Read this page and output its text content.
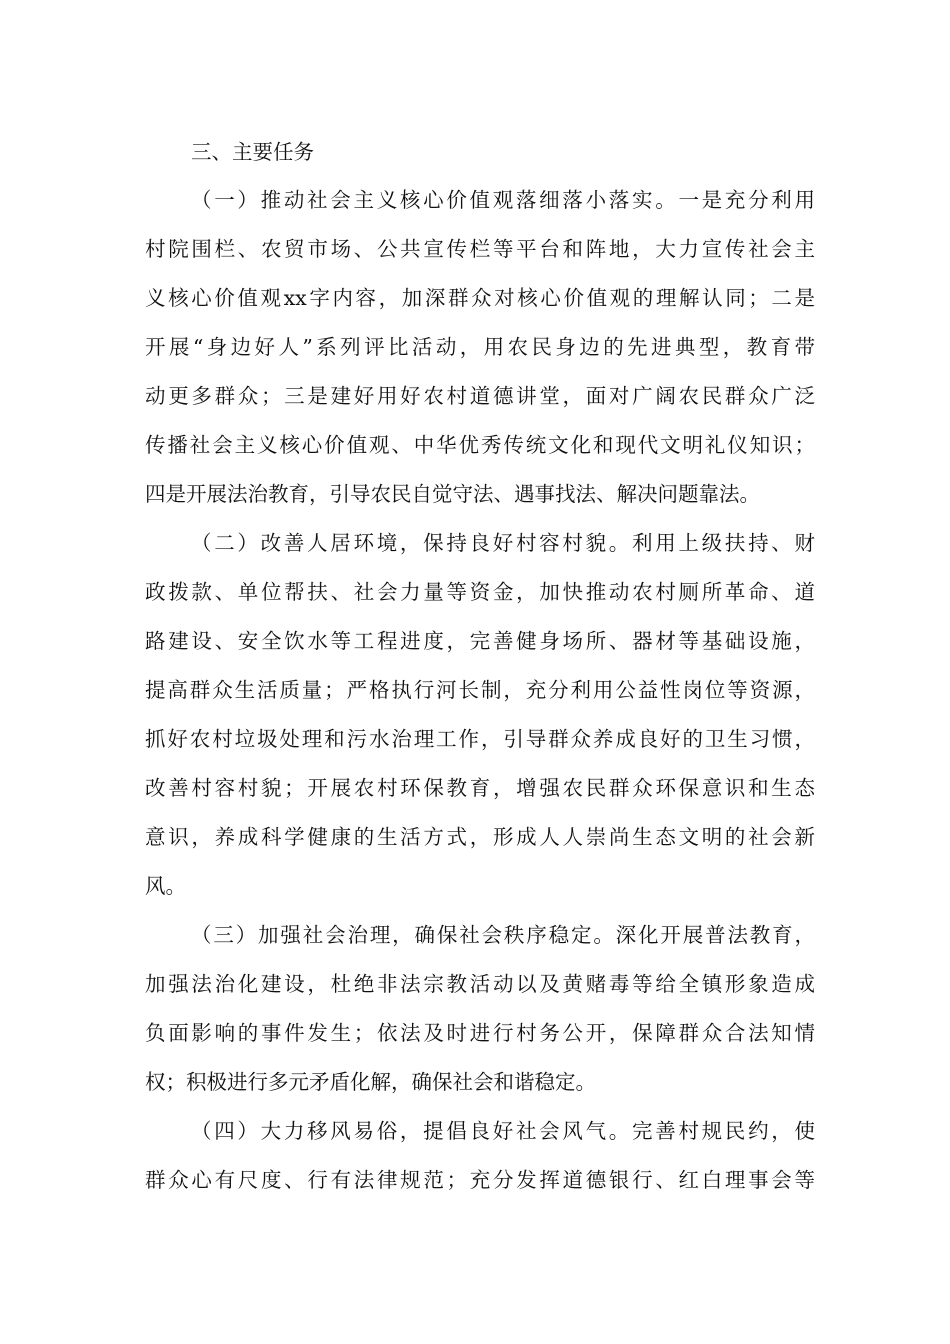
三、主要任务

（一）推动社会主义核心价值观落细落小落实。一是充分利用

村院围栏、农贸市场、公共宣传栏等平台和阵地，大力宣传社会主

义核心价值观xx字内容，加深群众对核心价值观的理解认同；二是

开展“身边好人”系列评比活动，用农民身边的先进典型，教育带

动更多群众；三是建好用好农村道德讲堂，面对广阔农民群众广泛

传播社会主义核心价值观、中华优秀传统文化和现代文明礼仪知识；

四是开展法治教育，引导农民自觉守法、遇事找法、解决问题靠法。

（二）改善人居环境，保持良好村容村貌。利用上级扶持、财

政拨款、单位帮扶、社会力量等资金，加快推动农村厕所革命、道

路建设、安全饮水等工程进度，完善健身场所、器材等基础设施，

提高群众生活质量；严格执行河长制，充分利用公益性岗位等资源，

抓好农村垃圾处理和污水治理工作，引导群众养成良好的卫生习惯，

改善村容村貌；开展农村环保教育，增强农民群众环保意识和生态

意识，养成科学健康的生活方式，形成人人崇尚生态文明的社会新

风。

（三）加强社会治理，确保社会秩序稳定。深化开展普法教育，

加强法治化建设，杜绝非法宗教活动以及黄赌毒等给全镇形象造成

负面影响的事件发生；依法及时进行村务公开，保障群众合法知情

权；积极进行多元矛盾化解，确保社会和谐稳定。

（四）大力移风易俗，提倡良好社会风气。完善村规民约，使

群众心有尺度、行有法律规范；充分发挥道德银行、红白理事会等
